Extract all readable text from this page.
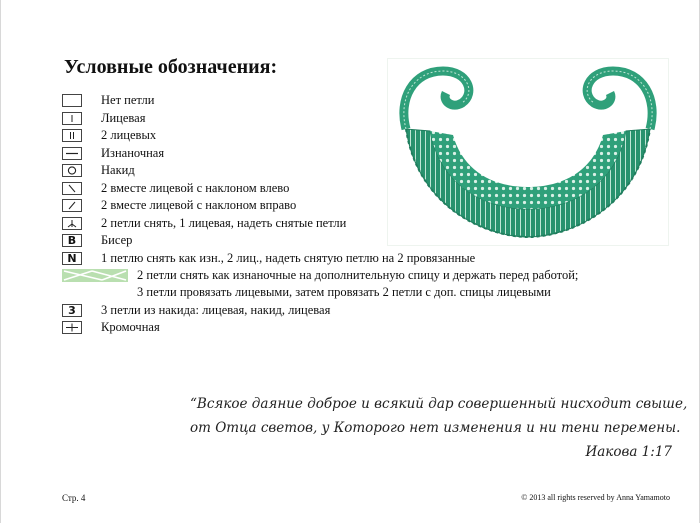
Условные обозначения:
Нет петли
Лицевая
2 лицевых
Изнаночная
Накид
2 вместе лицевой с наклоном влево
2 вместе лицевой с наклоном вправо
2 петли снять, 1 лицевая, надеть снятые петли
B	Бисер
N	1 петлю снять как изн., 2 лиц., надеть снятую петлю на 2 провязанные
2 петли снять как изнаночные на дополнительную спицу и держать перед работой;
3 петли провязать лицевыми, затем провязать 2 петли с доп. спицы лицевыми
3	3 петли из накида: лицевая, накид, лицевая
Кромочная
“Всякое даяние доброе и всякий дар совершенный нисходит свыше,
от Отца светов, у Которого нет изменения и ни тени перемены.
Иакова 1:17
Стр. 4	© 2013 all rights reserved by Anna Yamamoto
